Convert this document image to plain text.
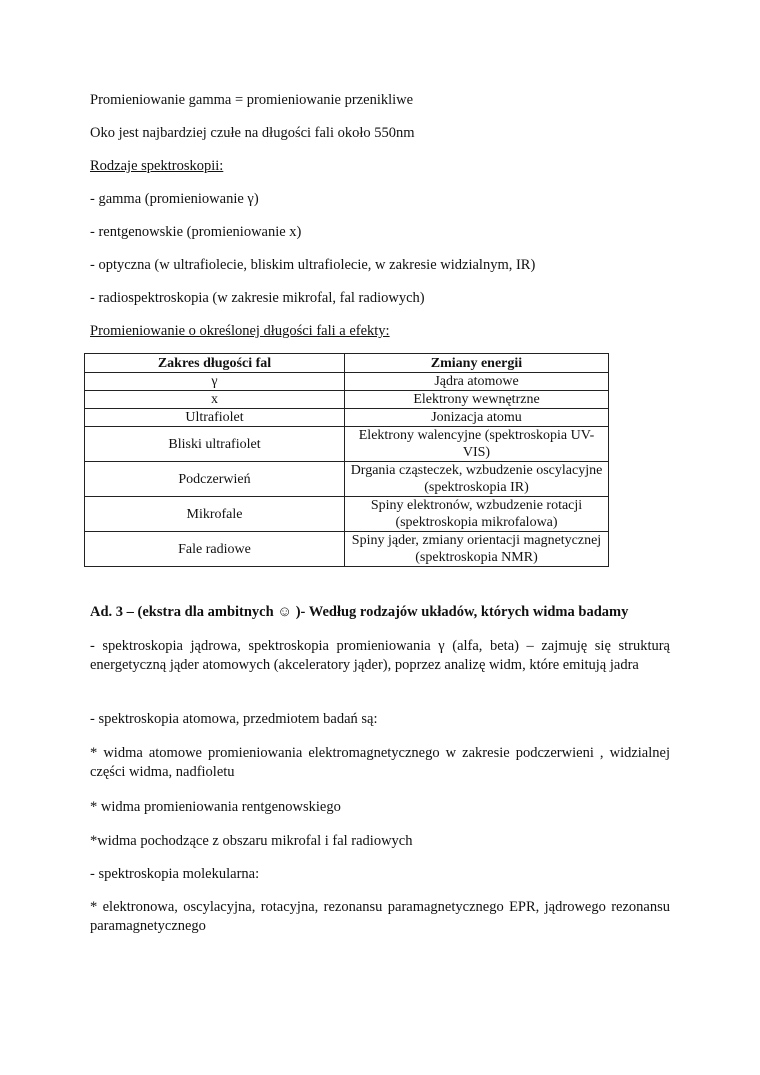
Promieniowanie gamma = promieniowanie przenikliwe

Oko jest najbardziej czułe na długości fali około 550nm

Rodzaje spektroskopii:

- gamma (promieniowanie γ)

- rentgenowskie (promieniowanie x)

- optyczna (w ultrafiolecie, bliskim ultrafiolecie, w zakresie widzialnym, IR)

- radiospektroskopia (w zakresie mikrofal, fal radiowych)

Promieniowanie o określonej długości fali a efekty:

Zakres długości fal	Zmiany energii
γ	Jądra atomowe
x	Elektrony wewnętrzne
Ultrafiolet	Jonizacja atomu
Bliski ultrafiolet	Elektrony walencyjne (spektroskopia UV-VIS)
Podczerwień	Drgania cząsteczek, wzbudzenie oscylacyjne (spektroskopia IR)
Mikrofale	Spiny elektronów, wzbudzenie rotacji (spektroskopia mikrofalowa)
Fale radiowe	Spiny jąder, zmiany orientacji magnetycznej (spektroskopia NMR)

Ad. 3 – (ekstra dla ambitnych ☺ )- Według rodzajów układów, których widma badamy

- spektroskopia jądrowa, spektroskopia promieniowania γ (alfa, beta) – zajmuję się strukturą energetyczną jąder atomowych (akceleratory jąder), poprzez analizę widm, które emitują jadra

- spektroskopia atomowa, przedmiotem badań są:

* widma atomowe promieniowania elektromagnetycznego w zakresie podczerwieni , widzialnej części widma, nadfioletu

* widma promieniowania rentgenowskiego

*widma pochodzące z obszaru mikrofal i fal radiowych

- spektroskopia molekularna:

* elektronowa, oscylacyjna, rotacyjna, rezonansu paramagnetycznego EPR, jądrowego rezonansu paramagnetycznego
